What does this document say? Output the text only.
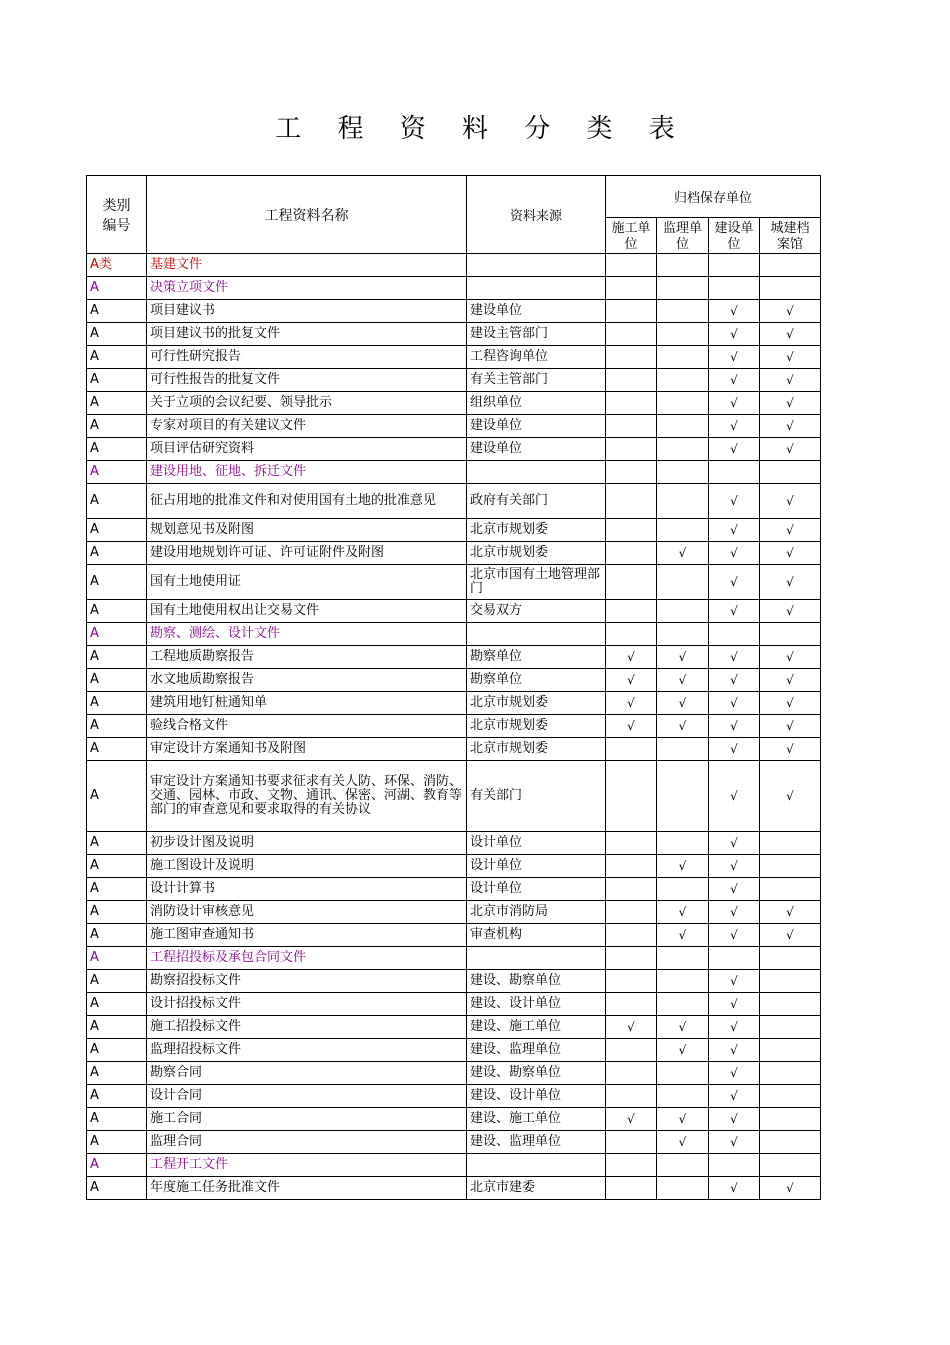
工 程 资 料 分 类 表
类别编号	工程资料名称	资料来源	归档保存单位			
			施工单位	监理单位	建设单位	城建档案馆
A类	基建文件					
A	决策立项文件					
A	项目建议书	建设单位			√	√
A	项目建议书的批复文件	建设主管部门			√	√
A	可行性研究报告	工程咨询单位			√	√
A	可行性报告的批复文件	有关主管部门			√	√
A	关于立项的会议纪要、领导批示	组织单位			√	√
A	专家对项目的有关建议文件	建设单位			√	√
A	项目评估研究资料	建设单位			√	√
A	建设用地、征地、拆迁文件					
A	征占用地的批准文件和对使用国有土地的批准意见	政府有关部门			√	√
A	规划意见书及附图	北京市规划委			√	√
A	建设用地规划许可证、许可证附件及附图	北京市规划委		√	√	√
A	国有土地使用证	北京市国有土地管理部门			√	√
A	国有土地使用权出让交易文件	交易双方			√	√
A	勘察、测绘、设计文件					
A	工程地质勘察报告	勘察单位	√	√	√	√
A	水文地质勘察报告	勘察单位	√	√	√	√
A	建筑用地钉桩通知单	北京市规划委	√	√	√	√
A	验线合格文件	北京市规划委	√	√	√	√
A	审定设计方案通知书及附图	北京市规划委			√	√
A	审定设计方案通知书要求征求有关人防、环保、消防、交通、园林、市政、文物、通讯、保密、河湖、教育等部门的审查意见和要求取得的有关协议	有关部门			√	√
A	初步设计图及说明	设计单位			√	
A	施工图设计及说明	设计单位		√	√	
A	设计计算书	设计单位			√	
A	消防设计审核意见	北京市消防局		√	√	√
A	施工图审查通知书	审查机构		√	√	√
A	工程招投标及承包合同文件					
A	勘察招投标文件	建设、勘察单位			√	
A	设计招投标文件	建设、设计单位			√	
A	施工招投标文件	建设、施工单位	√	√	√	
A	监理招投标文件	建设、监理单位		√	√	
A	勘察合同	建设、勘察单位			√	
A	设计合同	建设、设计单位			√	
A	施工合同	建设、施工单位	√	√	√	
A	监理合同	建设、监理单位		√	√	
A	工程开工文件					
A	年度施工任务批准文件	北京市建委			√	√
